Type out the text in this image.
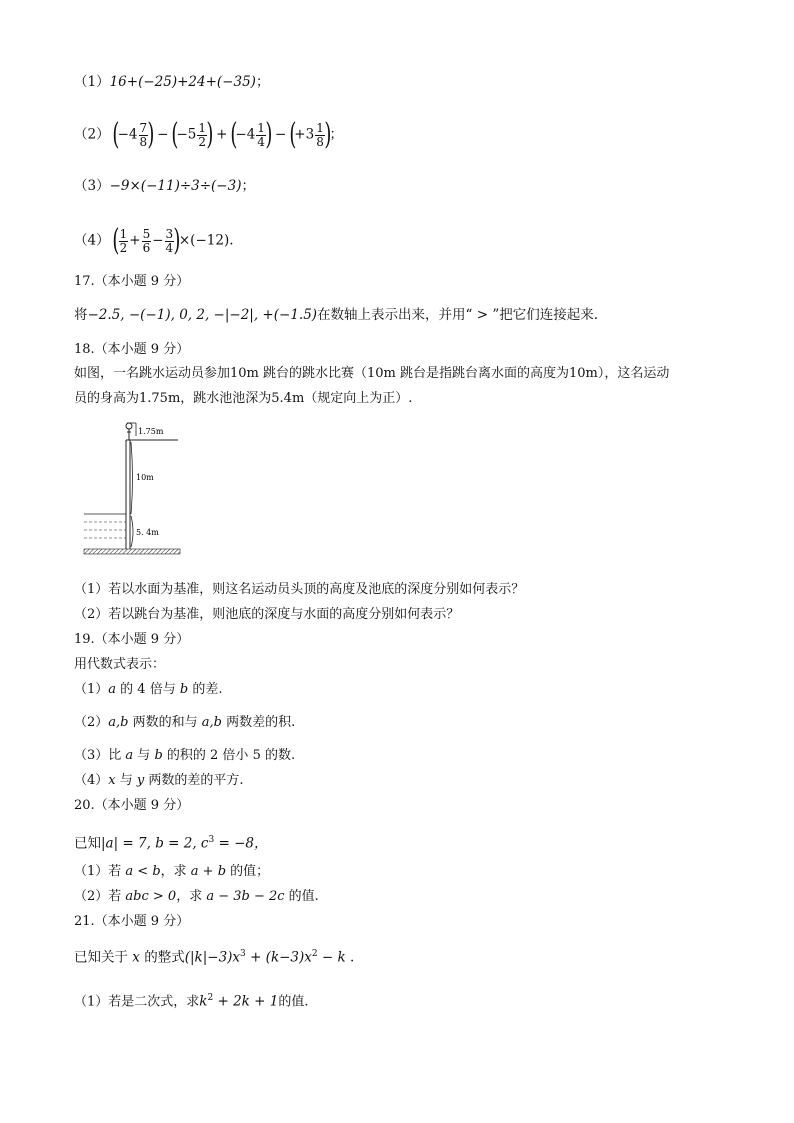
（1）16+(−25)+24+(−35)；
（2） ($-4 \frac{7}{8}$ ) − ($-5 \frac{1}{2}$ ) + ($-4 \frac{1}{4}$ ) − ($+3 \frac{1}{8}$ )；
（3）−9×(−11)÷3÷(−3)；
（4） ( $\frac{1}{2} + \frac{5}{6} - \frac{3}{4} )\times(-12)$.
17.（本小题 9 分）
将−2.5, −(−1), 0, 2, −|−2|, +(−1.5)在数轴上表示出来，并用“ > ”把它们连接起来.
18.（本小题 9 分）
如图，一名跳水运动员参加10m 跳台的跳水比赛（10m 跳台是指跳台离水面的高度为10m），这名运动
员的身高为1.75m，跳水池池深为5.4m（规定向上为正）.
1.75m
10m
5. 4m
（1）若以水面为基准，则这名运动员头顶的高度及池底的深度分别如何表示？
（2）若以跳台为基准，则池底的深度与水面的高度分别如何表示？
19.（本小题 9 分）
用代数式表示：
（1）a 的 4 倍与 b 的差.
（2）a,b 两数的和与 a,b 两数差的积.
（3）比 a 与 b 的积的 2 倍小 5 的数.
（4）x 与 y 两数的差的平方.
20.（本小题 9 分）
已知|a| = 7, b = 2, $c^3 = -8$，
（1）若 a < b，求 a + b 的值；
（2）若 abc > 0，求 a − 3b − 2c 的值.
21.（本小题 9 分）
已知关于 x 的整式$(|k|-3)x^3 + (k-3)x^2 - k$ .
（1）若是二次式，求$k^2 + 2k + 1$的值.
